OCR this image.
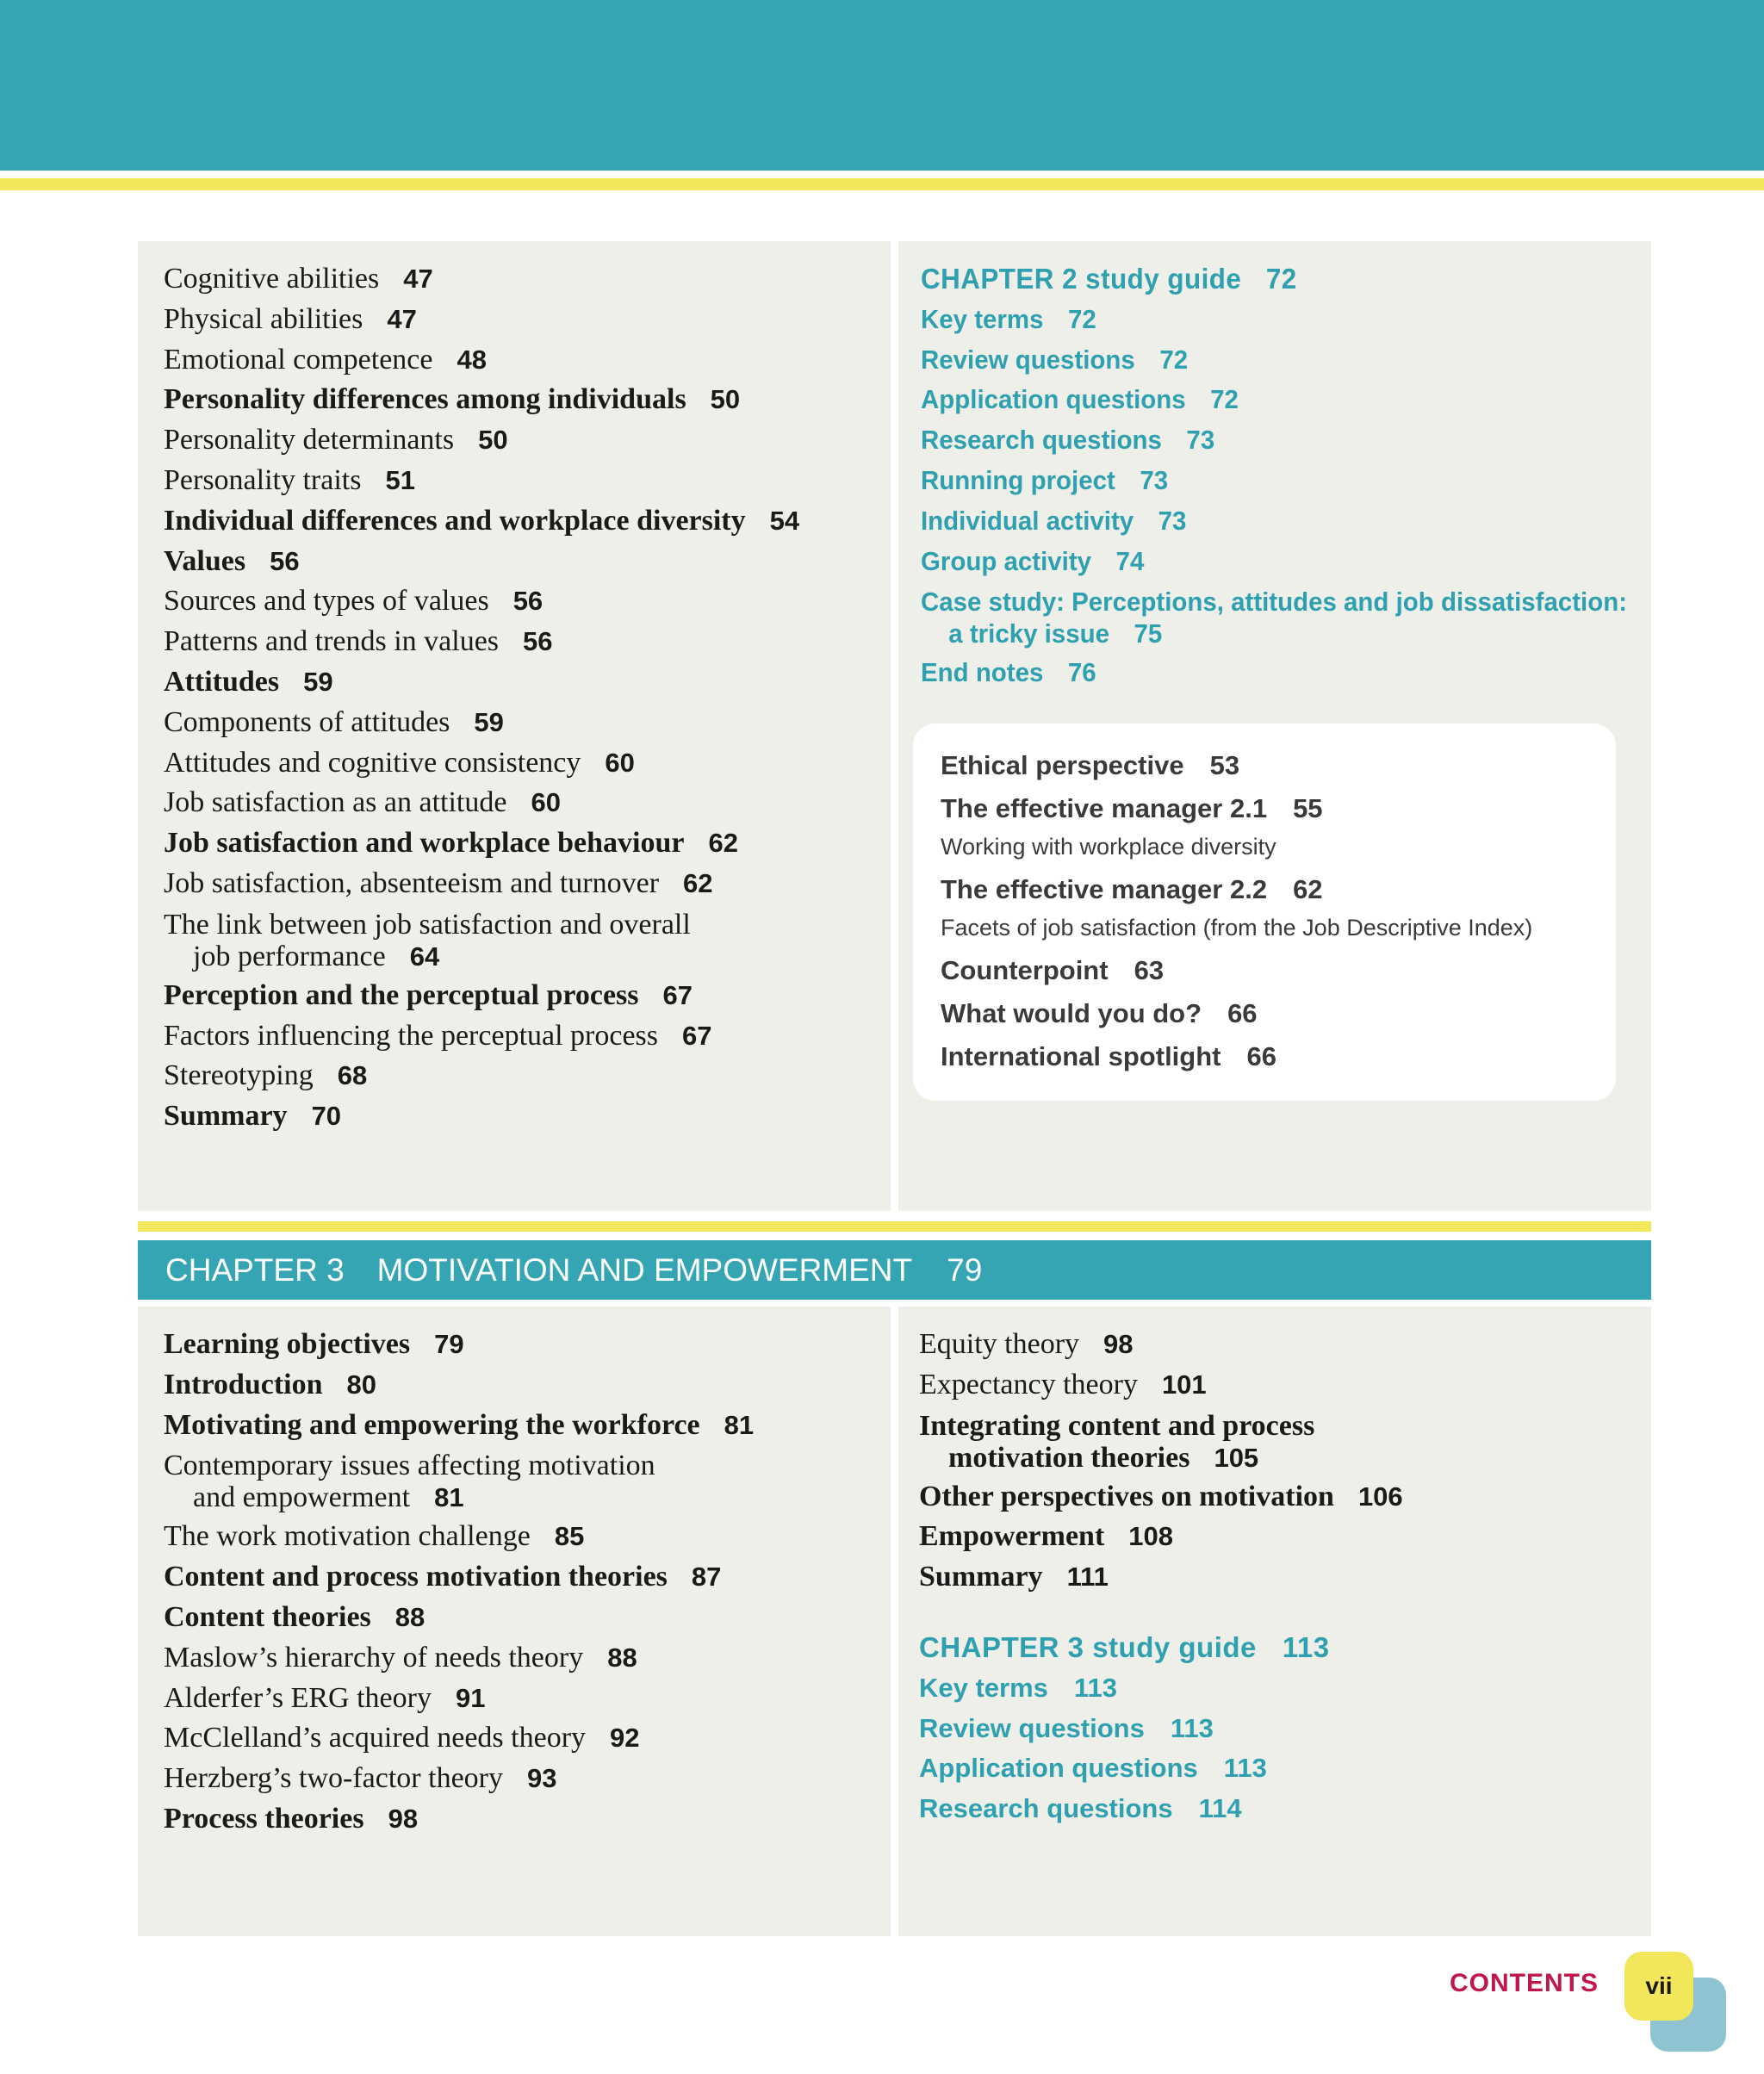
Cognitive abilities 47
Physical abilities 47
Emotional competence 48
Personality differences among individuals 50
Personality determinants 50
Personality traits 51
Individual differences and workplace diversity 54
Values 56
Sources and types of values 56
Patterns and trends in values 56
Attitudes 59
Components of attitudes 59
Attitudes and cognitive consistency 60
Job satisfaction as an attitude 60
Job satisfaction and workplace behaviour 62
Job satisfaction, absenteeism and turnover 62
The link between job satisfaction and overall
job performance 64
Perception and the perceptual process 67
Factors influencing the perceptual process 67
Stereotyping 68
Summary 70
CHAPTER 2 study guide 72
Key terms 72
Review questions 72
Application questions 72
Research questions 73
Running project 73
Individual activity 73
Group activity 74
Case study: Perceptions, attitudes and job dissatisfaction:
a tricky issue 75
End notes 76
Ethical perspective 53
The effective manager 2.1 55
Working with workplace diversity
The effective manager 2.2 62
Facets of job satisfaction (from the Job Descriptive Index)
Counterpoint 63
What would you do? 66
International spotlight 66
CHAPTER 3 MOTIVATION AND EMPOWERMENT 79
Learning objectives 79
Introduction 80
Motivating and empowering the workforce 81
Contemporary issues affecting motivation
and empowerment 81
The work motivation challenge 85
Content and process motivation theories 87
Content theories 88
Maslow’s hierarchy of needs theory 88
Alderfer’s ERG theory 91
McClelland’s acquired needs theory 92
Herzberg’s two-factor theory 93
Process theories 98
Equity theory 98
Expectancy theory 101
Integrating content and process
motivation theories 105
Other perspectives on motivation 106
Empowerment 108
Summary 111
CHAPTER 3 study guide 113
Key terms 113
Review questions 113
Application questions 113
Research questions 114
CONTENTS	vii
